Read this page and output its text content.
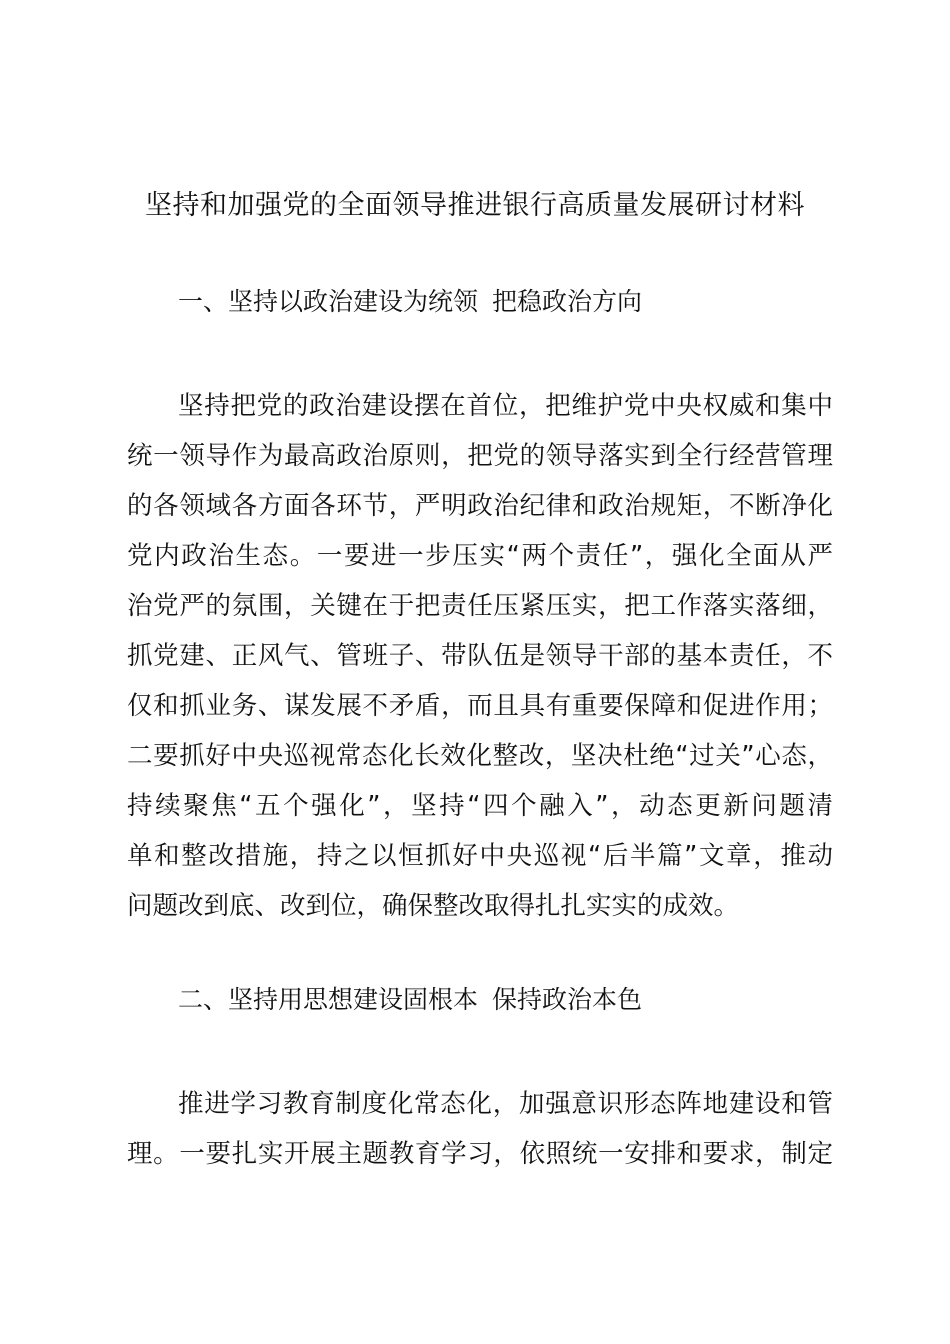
坚持和加强党的全面领导推进银行高质量发展研讨材料
一、坚持以政治建设为统领 把稳政治方向
坚持把党的政治建设摆在首位，把维护党中央权威和集中
统一领导作为最高政治原则，把党的领导落实到全行经营管理
的各领域各方面各环节，严明政治纪律和政治规矩，不断净化
党内政治生态。一要进一步压实“两个责任”，强化全面从严
治党严的氛围，关键在于把责任压紧压实，把工作落实落细，
抓党建、正风气、管班子、带队伍是领导干部的基本责任，不
仅和抓业务、谋发展不矛盾，而且具有重要保障和促进作用；
二要抓好中央巡视常态化长效化整改，坚决杜绝“过关”心态，
持续聚焦“五个强化”，坚持“四个融入”，动态更新问题清
单和整改措施，持之以恒抓好中央巡视“后半篇”文章，推动
问题改到底、改到位，确保整改取得扎扎实实的成效。
二、坚持用思想建设固根本 保持政治本色
推进学习教育制度化常态化，加强意识形态阵地建设和管
理。一要扎实开展主题教育学习，依照统一安排和要求，制定
